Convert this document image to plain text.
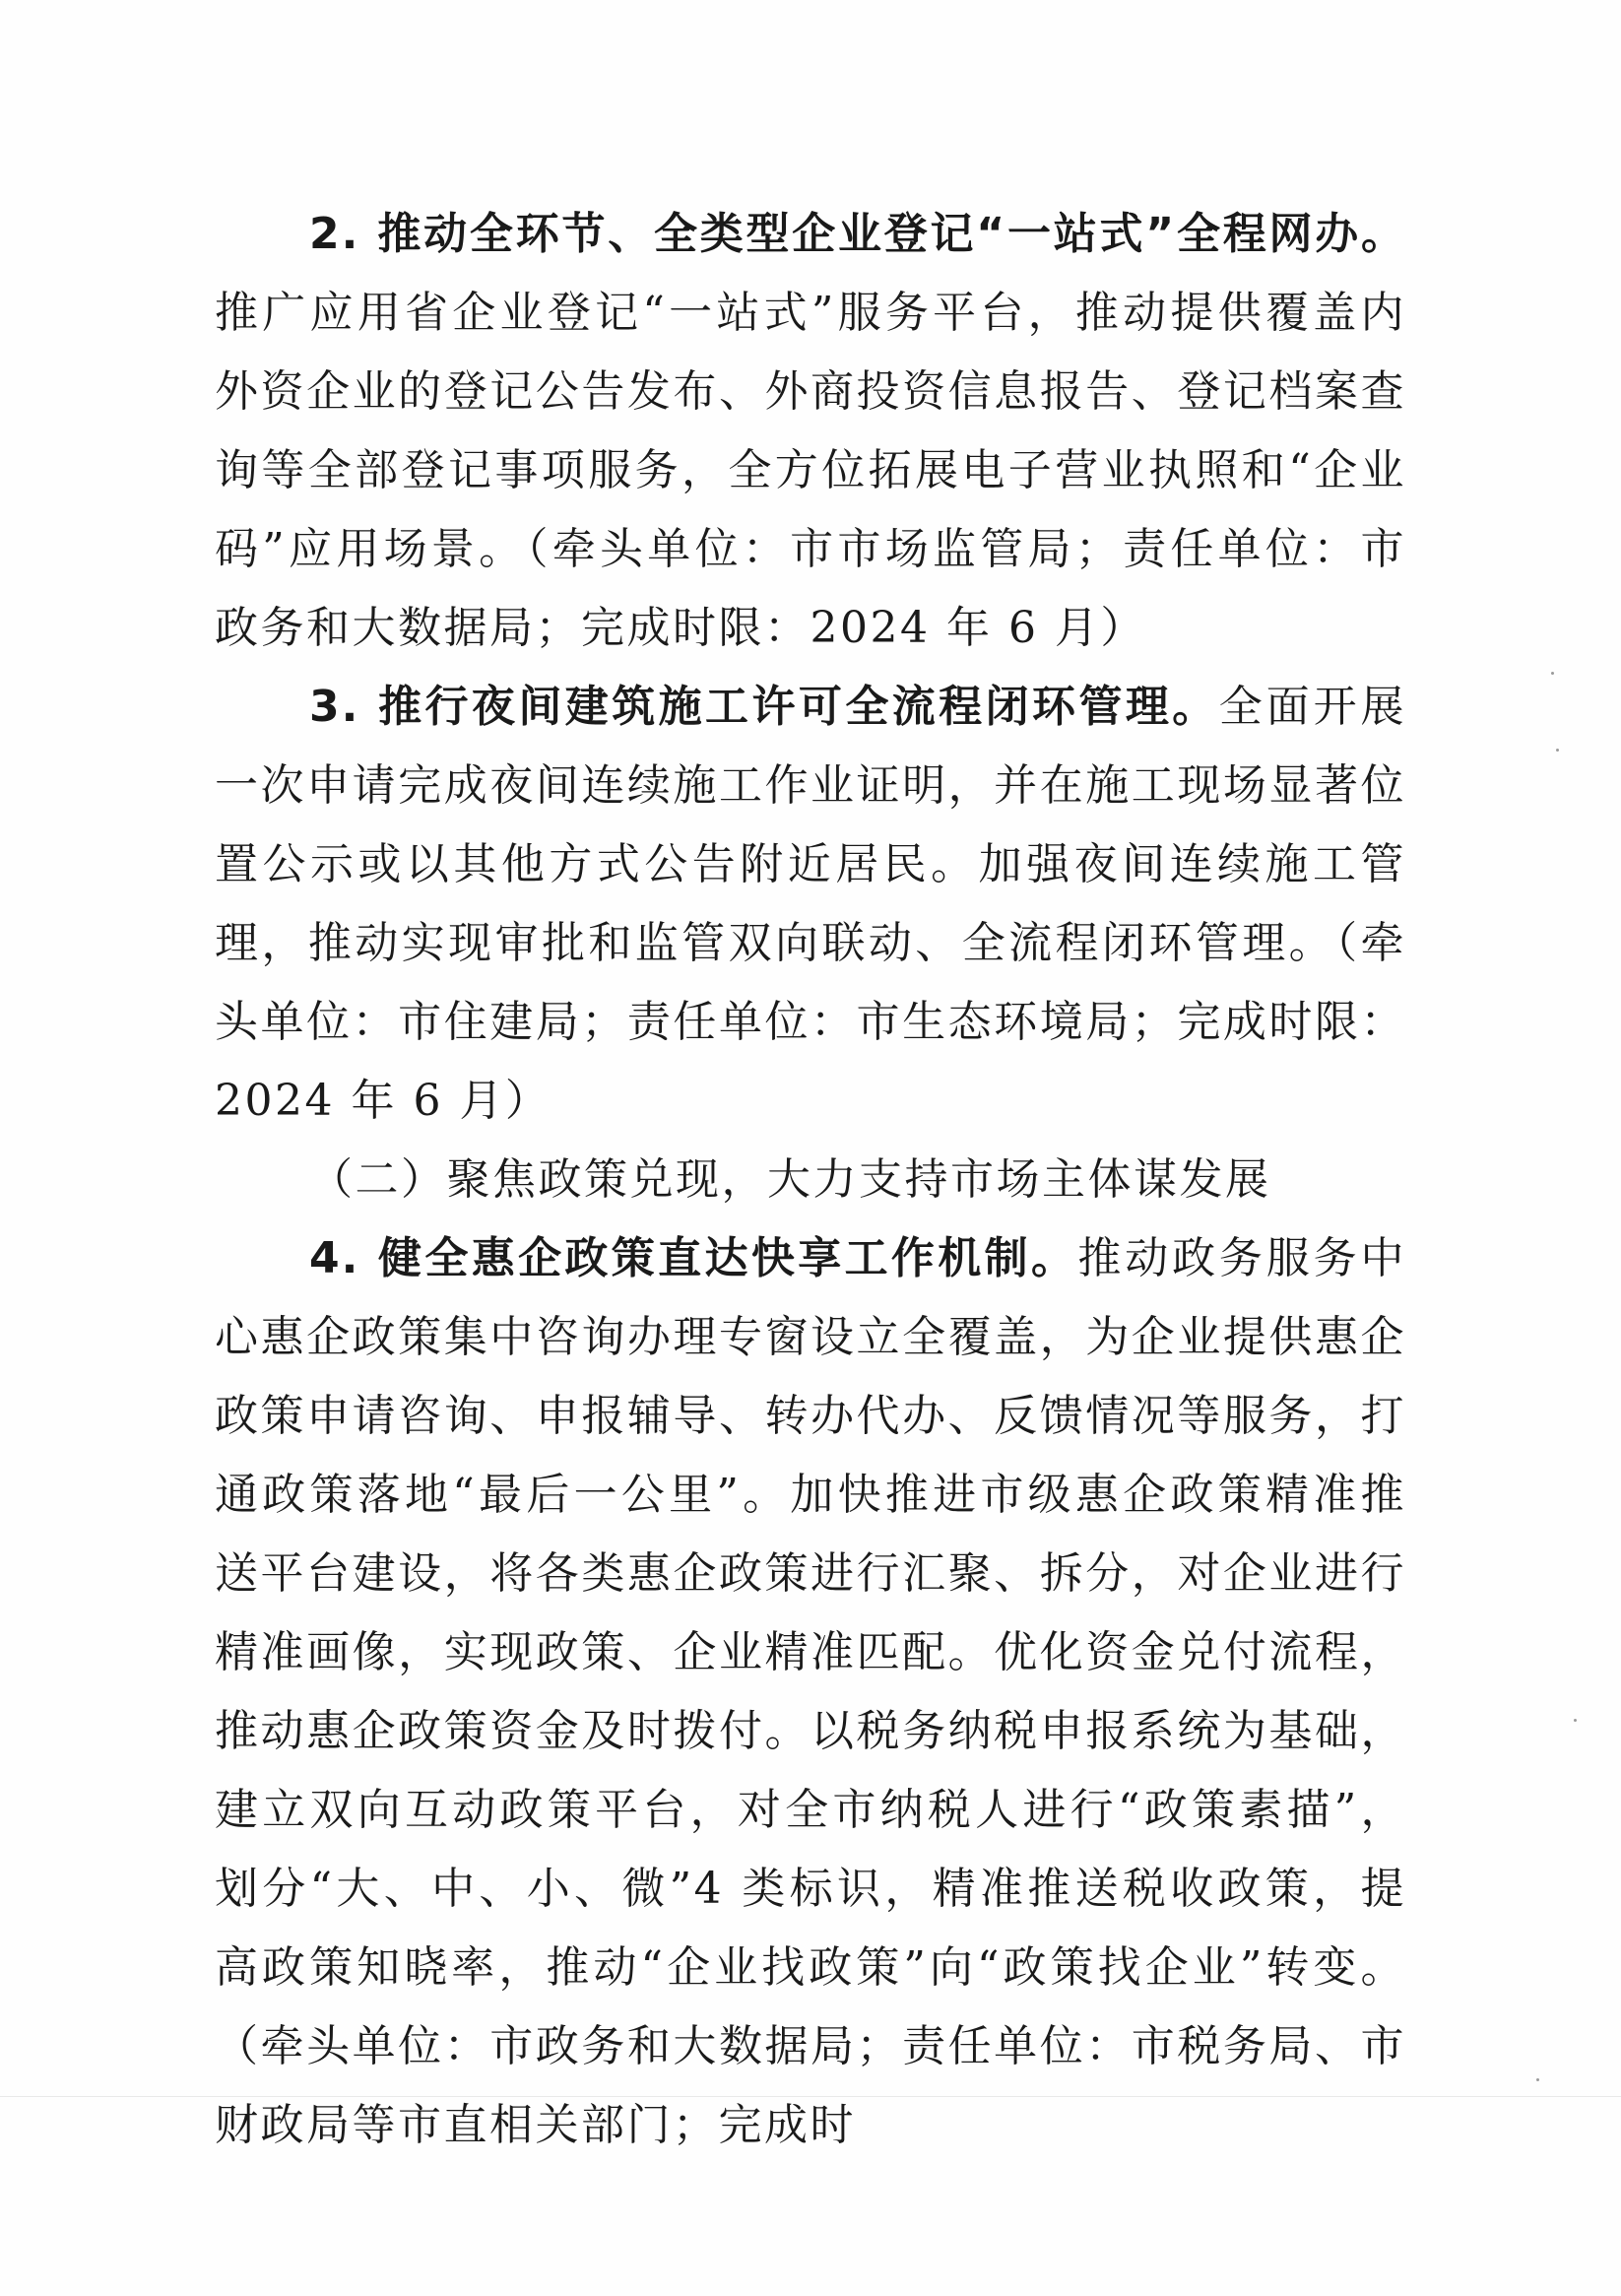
2. 推动全环节、全类型企业登记“一站式”全程网办。推广应用省企业登记“一站式”服务平台，推动提供覆盖内外资企业的登记公告发布、外商投资信息报告、登记档案查询等全部登记事项服务，全方位拓展电子营业执照和“企业码”应用场景。（牵头单位：市市场监管局；责任单位：市政务和大数据局；完成时限：2024 年 6 月）

3. 推行夜间建筑施工许可全流程闭环管理。全面开展一次申请完成夜间连续施工作业证明，并在施工现场显著位置公示或以其他方式公告附近居民。加强夜间连续施工管理，推动实现审批和监管双向联动、全流程闭环管理。（牵头单位：市住建局；责任单位：市生态环境局；完成时限：2024 年 6 月）

（二）聚焦政策兑现，大力支持市场主体谋发展

4. 健全惠企政策直达快享工作机制。推动政务服务中心惠企政策集中咨询办理专窗设立全覆盖，为企业提供惠企政策申请咨询、申报辅导、转办代办、反馈情况等服务，打通政策落地“最后一公里”。加快推进市级惠企政策精准推送平台建设，将各类惠企政策进行汇聚、拆分，对企业进行精准画像，实现政策、企业精准匹配。优化资金兑付流程，推动惠企政策资金及时拨付。以税务纳税申报系统为基础，建立双向互动政策平台，对全市纳税人进行“政策素描”，划分“大、中、小、微”4 类标识，精准推送税收政策，提高政策知晓率，推动“企业找政策”向“政策找企业”转变。（牵头单位：市政务和大数据局；责任单位：市税务局、市财政局等市直相关部门；完成时
